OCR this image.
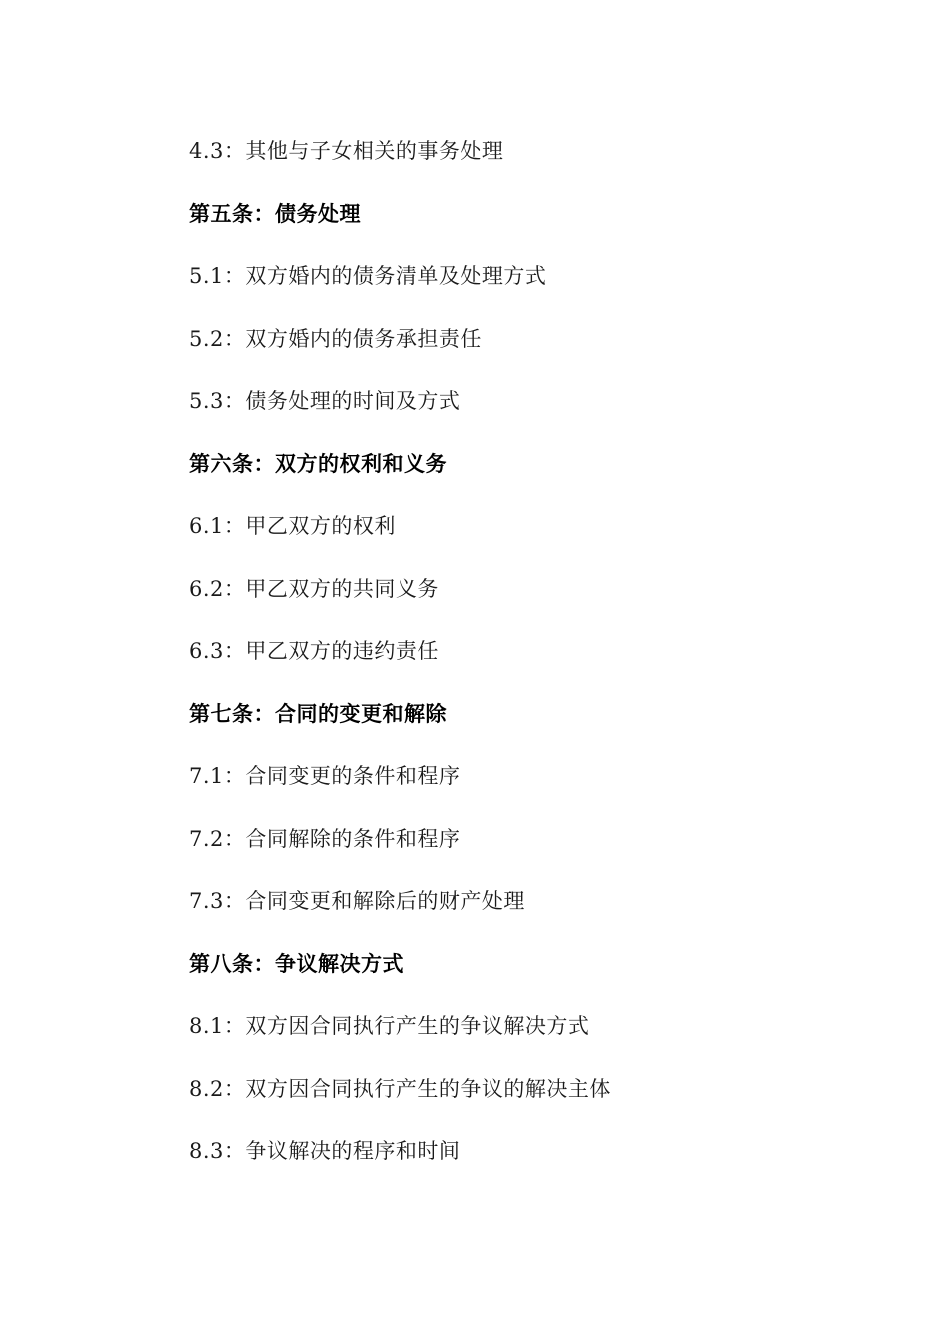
4.3：其他与子女相关的事务处理
第五条：债务处理
5.1：双方婚内的债务清单及处理方式
5.2：双方婚内的债务承担责任
5.3：债务处理的时间及方式
第六条：双方的权利和义务
6.1：甲乙双方的权利
6.2：甲乙双方的共同义务
6.3：甲乙双方的违约责任
第七条：合同的变更和解除
7.1：合同变更的条件和程序
7.2：合同解除的条件和程序
7.3：合同变更和解除后的财产处理
第八条：争议解决方式
8.1：双方因合同执行产生的争议解决方式
8.2：双方因合同执行产生的争议的解决主体
8.3：争议解决的程序和时间
